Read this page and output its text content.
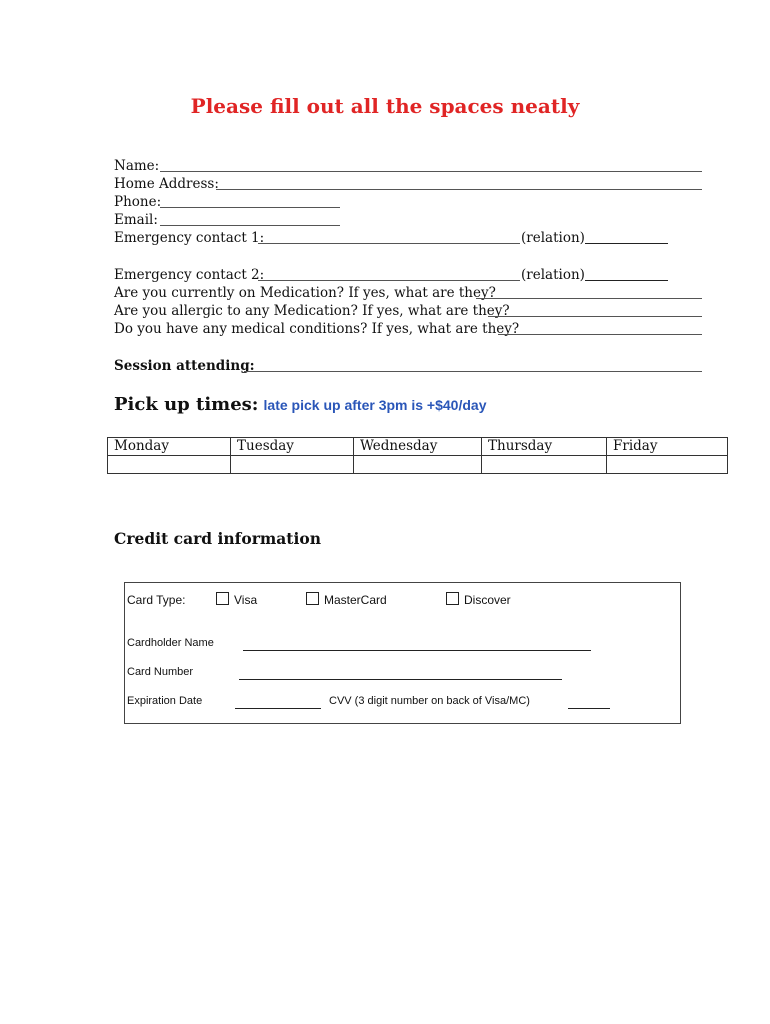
Please fill out all the spaces neatly
Name:
Home Address:
Phone:
Email:
Emergency contact 1:	(relation)
Emergency contact 2:	(relation)
Are you currently on Medication? If yes, what are they?
Are you allergic to any Medication? If yes, what are they?
Do you have any medical conditions? If yes, what are they?
Session attending:
Pick up times: late pick up after 3pm is +$40/day
Monday	Tuesday	Wednesday	Thursday	Friday

Credit card information
Card Type:	Visa	MasterCard	Discover
Cardholder Name
Card Number
Expiration Date	CVV (3 digit number on back of Visa/MC)
